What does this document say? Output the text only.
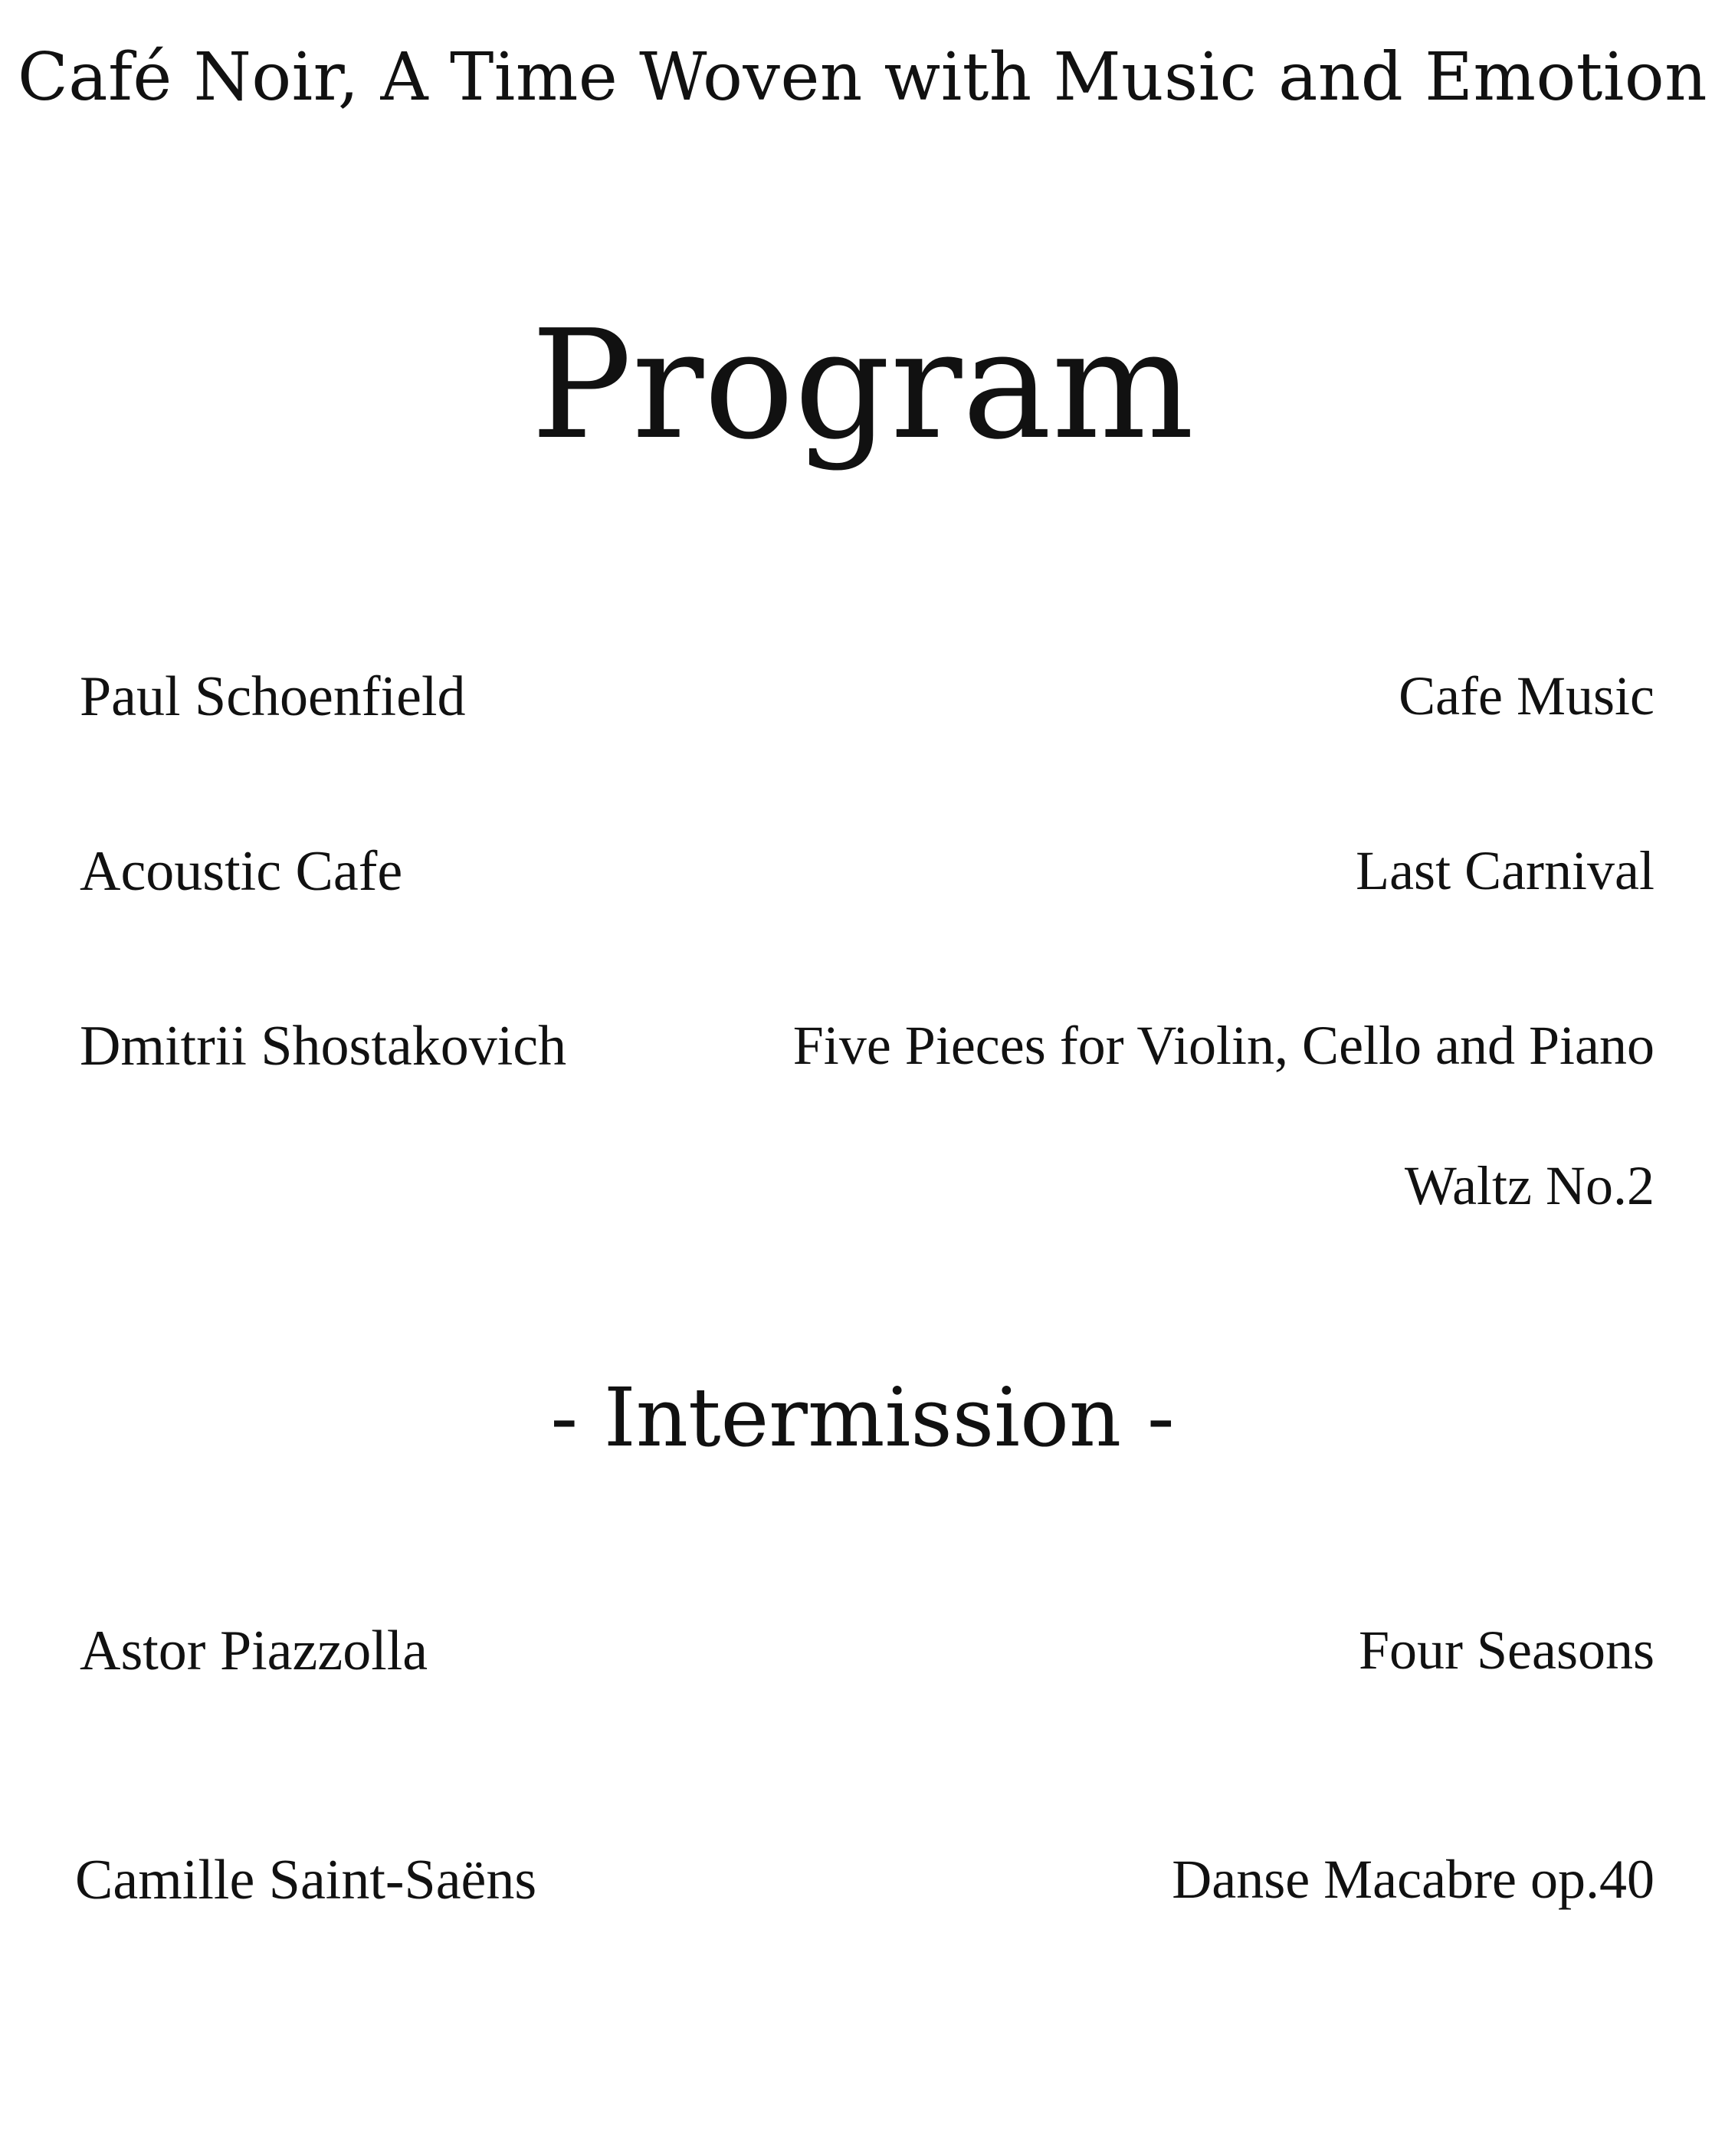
Café Noir, A Time Woven with Music and Emotion
Program
Paul Schoenfield	Cafe Music
Acoustic Cafe	Last Carnival
Dmitrii Shostakovich	Five Pieces for Violin, Cello and Piano
Waltz No.2
- Intermission -
Astor Piazzolla	Four Seasons
Camille Saint-Saëns	Danse Macabre op.40
